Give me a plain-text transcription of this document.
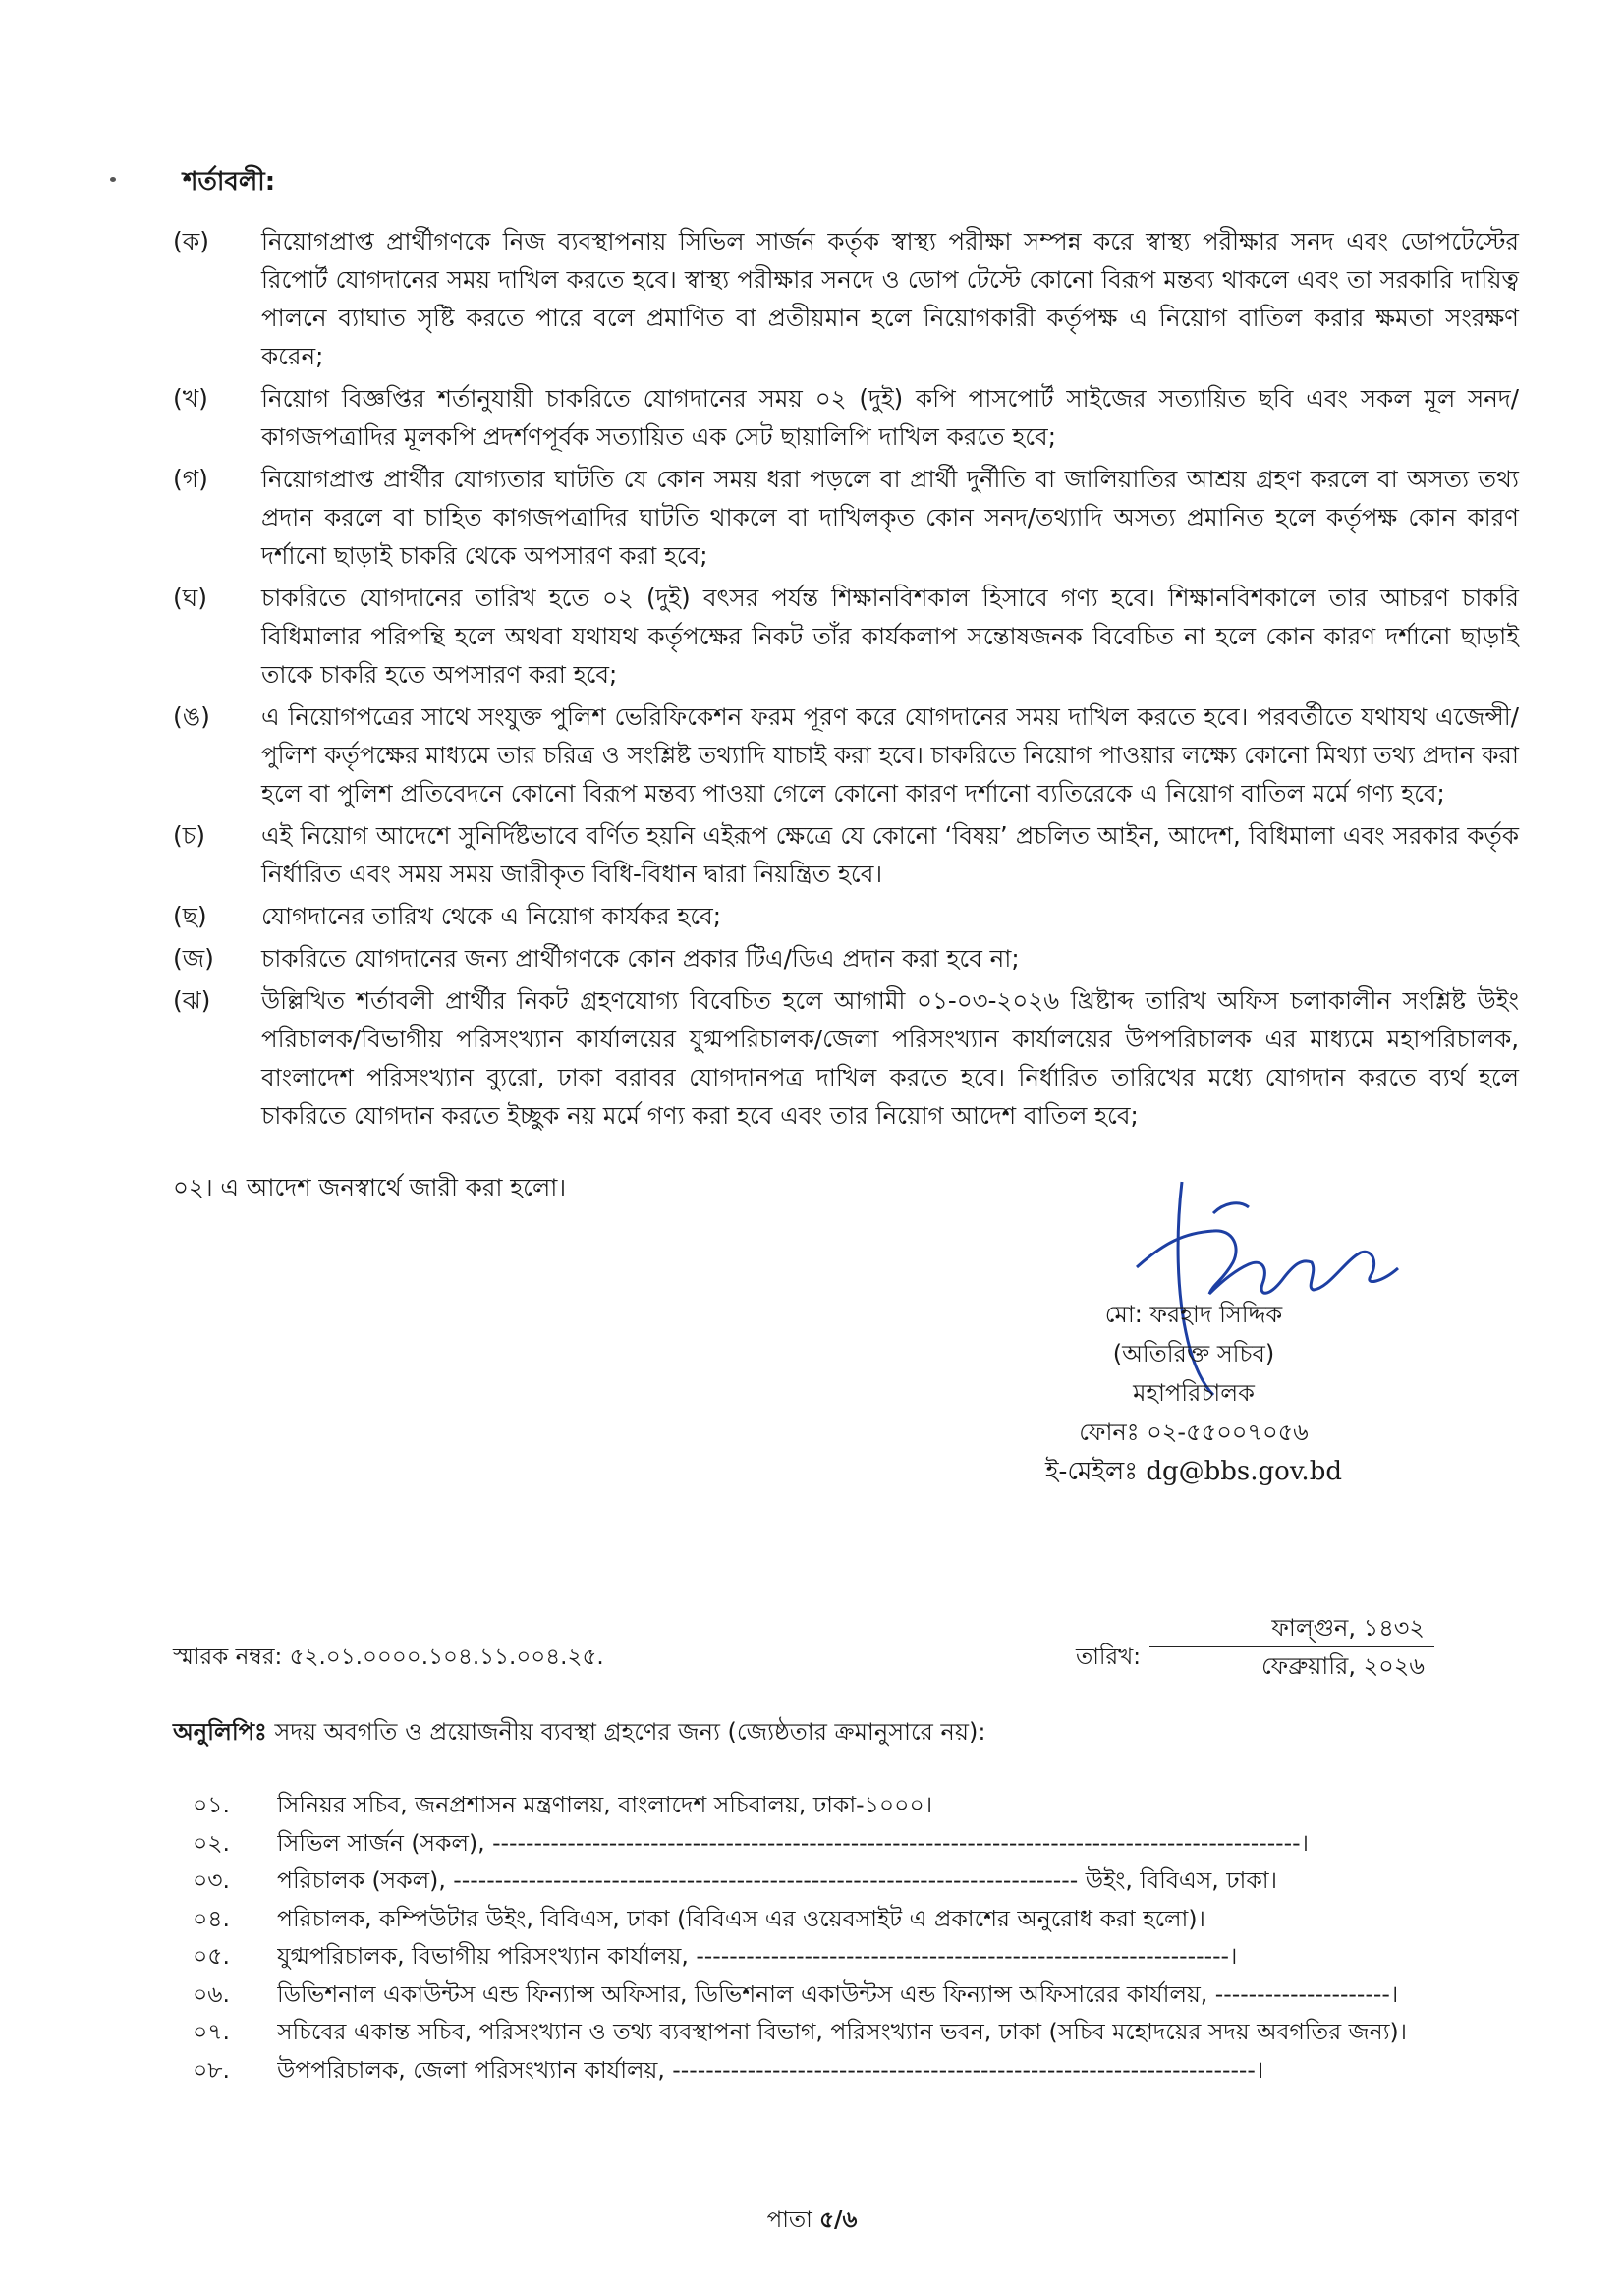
শর্তাবলী:
(ক)	নিয়োগপ্রাপ্ত প্রার্থীগণকে নিজ ব্যবস্থাপনায় সিভিল সার্জন কর্তৃক স্বাস্থ্য পরীক্ষা সম্পন্ন করে স্বাস্থ্য পরীক্ষার সনদ এবং ডোপটেস্টের রিপোর্ট যোগদানের সময় দাখিল করতে হবে। স্বাস্থ্য পরীক্ষার সনদে ও ডোপ টেস্টে কোনো বিরূপ মন্তব্য থাকলে এবং তা সরকারি দায়িত্ব পালনে ব্যাঘাত সৃষ্টি করতে পারে বলে প্রমাণিত বা প্রতীয়মান হলে নিয়োগকারী কর্তৃপক্ষ এ নিয়োগ বাতিল করার ক্ষমতা সংরক্ষণ করেন;
(খ)	নিয়োগ বিজ্ঞপ্তির শর্তানুযায়ী চাকরিতে যোগদানের সময় ০২ (দুই) কপি পাসপোর্ট সাইজের সত্যায়িত ছবি এবং সকল মূল সনদ/কাগজপত্রাদির মূলকপি প্রদর্শণপূর্বক সত্যায়িত এক সেট ছায়ালিপি দাখিল করতে হবে;
(গ)	নিয়োগপ্রাপ্ত প্রার্থীর যোগ্যতার ঘাটতি যে কোন সময় ধরা পড়লে বা প্রার্থী দুর্নীতি বা জালিয়াতির আশ্রয় গ্রহণ করলে বা অসত্য তথ্য প্রদান করলে বা চাহিত কাগজপত্রাদির ঘাটতি থাকলে বা দাখিলকৃত কোন সনদ/তথ্যাদি অসত্য প্রমানিত হলে কর্তৃপক্ষ কোন কারণ দর্শানো ছাড়াই চাকরি থেকে অপসারণ করা হবে;
(ঘ)	চাকরিতে যোগদানের তারিখ হতে ০২ (দুই) বৎসর পর্যন্ত শিক্ষানবিশকাল হিসাবে গণ্য হবে। শিক্ষানবিশকালে তার আচরণ চাকরি বিধিমালার পরিপন্থি হলে অথবা যথাযথ কর্তৃপক্ষের নিকট তাঁর কার্যকলাপ সন্তোষজনক বিবেচিত না হলে কোন কারণ দর্শানো ছাড়াই তাকে চাকরি হতে অপসারণ করা হবে;
(ঙ)	এ নিয়োগপত্রের সাথে সংযুক্ত পুলিশ ভেরিফিকেশন ফরম পূরণ করে যোগদানের সময় দাখিল করতে হবে। পরবর্তীতে যথাযথ এজেন্সী/ পুলিশ কর্তৃপক্ষের মাধ্যমে তার চরিত্র ও সংশ্লিষ্ট তথ্যাদি যাচাই করা হবে। চাকরিতে নিয়োগ পাওয়ার লক্ষ্যে কোনো মিথ্যা তথ্য প্রদান করা হলে বা পুলিশ প্রতিবেদনে কোনো বিরূপ মন্তব্য পাওয়া গেলে কোনো কারণ দর্শানো ব্যতিরেকে এ নিয়োগ বাতিল মর্মে গণ্য হবে;
(চ)	এই নিয়োগ আদেশে সুনির্দিষ্টভাবে বর্ণিত হয়নি এইরূপ ক্ষেত্রে যে কোনো ‘বিষয়’ প্রচলিত আইন, আদেশ, বিধিমালা এবং সরকার কর্তৃক নির্ধারিত এবং সময় সময় জারীকৃত বিধি-বিধান দ্বারা নিয়ন্ত্রিত হবে।
(ছ)	যোগদানের তারিখ থেকে এ নিয়োগ কার্যকর হবে;
(জ)	চাকরিতে যোগদানের জন্য প্রার্থীগণকে কোন প্রকার টিএ/ডিএ প্রদান করা হবে না;
(ঝ)	উল্লিখিত শর্তাবলী প্রার্থীর নিকট গ্রহণযোগ্য বিবেচিত হলে আগামী ০১-০৩-২০২৬ খ্রিষ্টাব্দ তারিখ অফিস চলাকালীন সংশ্লিষ্ট উইং পরিচালক/বিভাগীয় পরিসংখ্যান কার্যালয়ের যুগ্মপরিচালক/জেলা পরিসংখ্যান কার্যালয়ের উপপরিচালক এর মাধ্যমে মহাপরিচালক, বাংলাদেশ পরিসংখ্যান ব্যুরো, ঢাকা বরাবর যোগদানপত্র দাখিল করতে হবে। নির্ধারিত তারিখের মধ্যে যোগদান করতে ব্যর্থ হলে চাকরিতে যোগদান করতে ইচ্ছুক নয় মর্মে গণ্য করা হবে এবং তার নিয়োগ আদেশ বাতিল হবে;
০২। এ আদেশ জনস্বার্থে জারী করা হলো।
মো: ফরহাদ সিদ্দিক
(অতিরিক্ত সচিব)
মহাপরিচালক
ফোনঃ ০২-৫৫০০৭০৫৬
ই-মেইলঃ dg@bbs.gov.bd
স্মারক নম্বর: ৫২.০১.০০০০.১০৪.১১.০০৪.২৫.	তারিখ:
ফাল্গুন, ১৪৩২
ফেব্রুয়ারি, ২০২৬
অনুলিপিঃ সদয় অবগতি ও প্রয়োজনীয় ব্যবস্থা গ্রহণের জন্য (জ্যেষ্ঠতার ক্রমানুসারে নয়):
০১.	সিনিয়র সচিব, জনপ্রশাসন মন্ত্রণালয়, বাংলাদেশ সচিবালয়, ঢাকা-১০০০।
০২.	সিভিল সার্জন (সকল), -------------------------------------------------------------------------------------------------।
০৩.	পরিচালক (সকল), --------------------------------------------------------------------------- উইং, বিবিএস, ঢাকা।
০৪.	পরিচালক, কম্পিউটার উইং, বিবিএস, ঢাকা (বিবিএস এর ওয়েবসাইট এ প্রকাশের অনুরোধ করা হলো)।
০৫.	যুগ্মপরিচালক, বিভাগীয় পরিসংখ্যান কার্যালয়, ----------------------------------------------------------------।
০৬.	ডিভিশনাল একাউন্টস এন্ড ফিন্যান্স অফিসার, ডিভিশনাল একাউন্টস এন্ড ফিন্যান্স অফিসারের কার্যালয়, ---------------------।
০৭.	সচিবের একান্ত সচিব, পরিসংখ্যান ও তথ্য ব্যবস্থাপনা বিভাগ, পরিসংখ্যান ভবন, ঢাকা (সচিব মহোদয়ের সদয় অবগতির জন্য)।
০৮.	উপপরিচালক, জেলা পরিসংখ্যান কার্যালয়, ----------------------------------------------------------------------।
পাতা ৫/৬
